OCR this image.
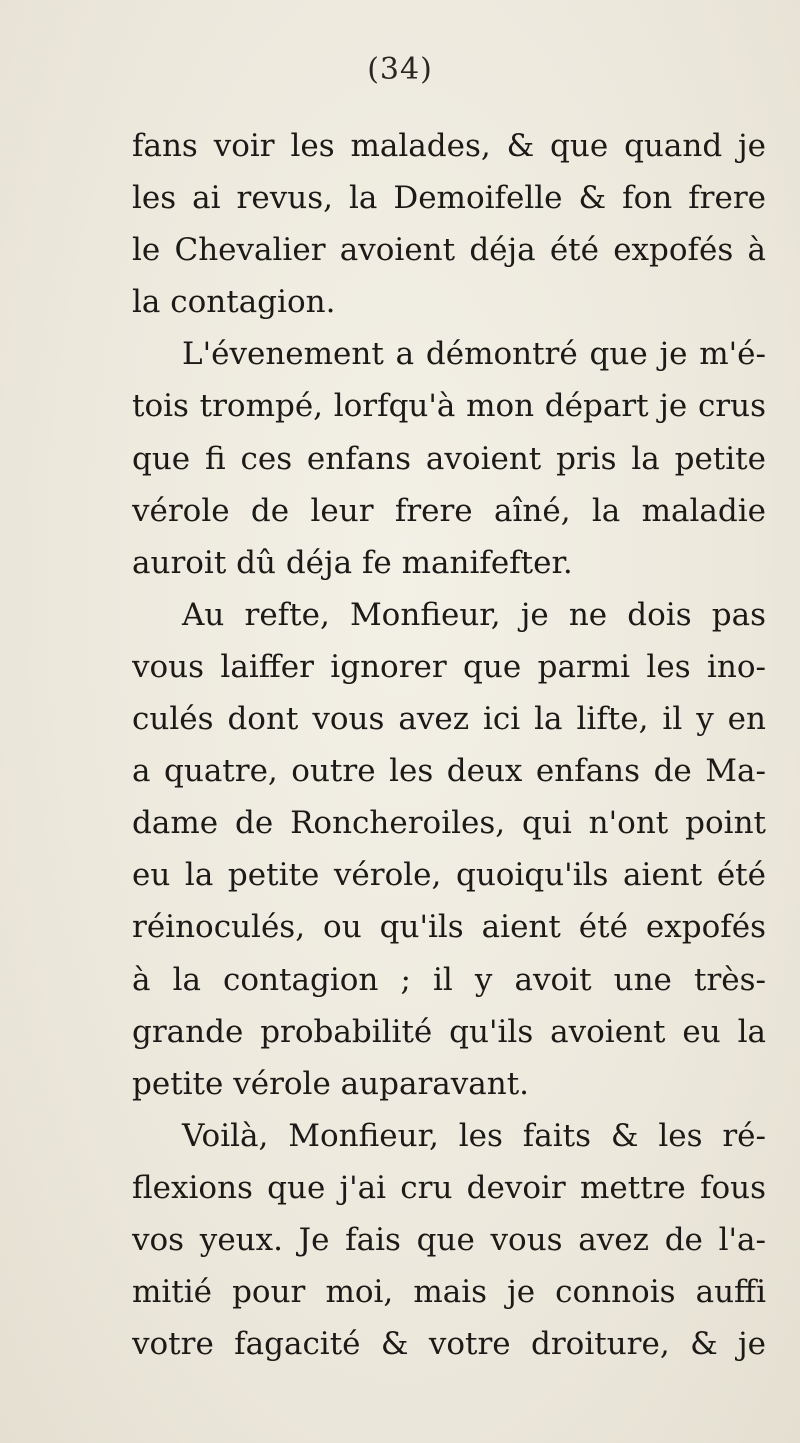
(34)
fans voir les malades, & que quand je
les ai revus, la Demoifelle & fon frere
le Chevalier avoient déja été expofés à
la contagion.
L'évenement a démontré que je m'é-
tois trompé, lorfqu'à mon départ je crus
que fi ces enfans avoient pris la petite
vérole de leur frere aîné, la maladie
auroit dû déja fe manifefter.
Au refte, Monfieur, je ne dois pas
vous laiffer ignorer que parmi les ino-
culés dont vous avez ici la lifte, il y en
a quatre, outre les deux enfans de Ma-
dame de Roncheroiles, qui n'ont point
eu la petite vérole, quoiqu'ils aient été
réinoculés, ou qu'ils aient été expofés
à la contagion ; il y avoit une très-
grande probabilité qu'ils avoient eu la
petite vérole auparavant.
Voilà, Monfieur, les faits & les ré-
flexions que j'ai cru devoir mettre fous
vos yeux. Je fais que vous avez de l'a-
mitié pour moi, mais je connois auffi
votre fagacité & votre droiture, & je
